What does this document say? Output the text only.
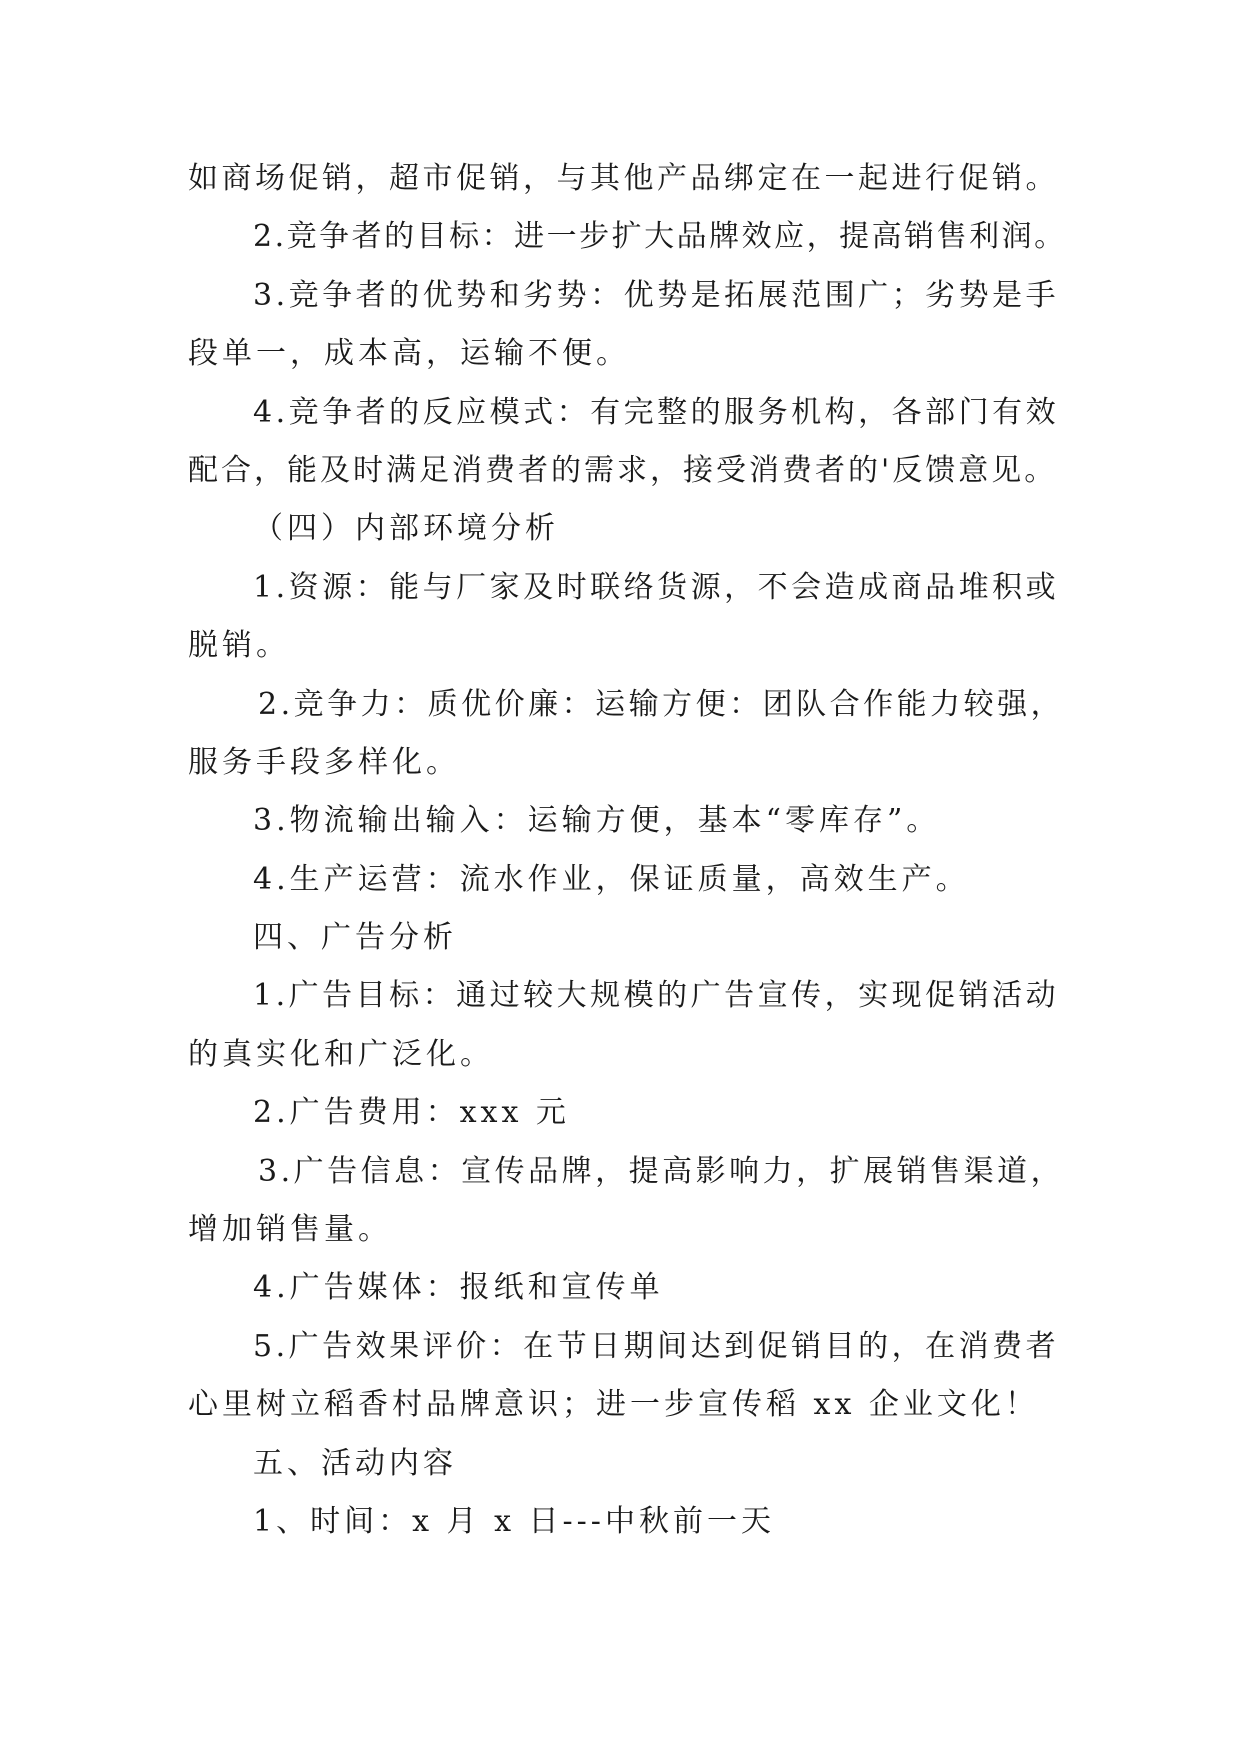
如商场促销，超市促销，与其他产品绑定在一起进行促销。
2.竞争者的目标：进一步扩大品牌效应，提高销售利润。
3.竞争者的优势和劣势：优势是拓展范围广；劣势是手
段单一，成本高，运输不便。
4.竞争者的反应模式：有完整的服务机构，各部门有效
配合，能及时满足消费者的需求，接受消费者的'反馈意见。
（四）内部环境分析
1.资源：能与厂家及时联络货源，不会造成商品堆积或
脱销。
2.竞争力：质优价廉：运输方便：团队合作能力较强，
服务手段多样化。
3.物流输出输入：运输方便，基本“零库存”。
4.生产运营：流水作业，保证质量，高效生产。
四、广告分析
1.广告目标：通过较大规模的广告宣传，实现促销活动
的真实化和广泛化。
2.广告费用：xxx 元
3.广告信息：宣传品牌，提高影响力，扩展销售渠道，
增加销售量。
4.广告媒体：报纸和宣传单
5.广告效果评价：在节日期间达到促销目的，在消费者
心里树立稻香村品牌意识；进一步宣传稻 xx 企业文化！
五、活动内容
1、时间：x 月 x 日---中秋前一天
